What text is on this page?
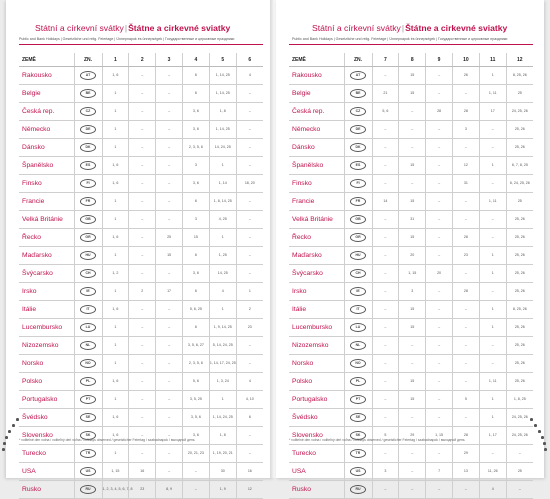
Státní a církevní svátky|Štátne a cirkevné sviatky
Public and Bank Holidays | Gesetzliche und relig. Feiertage | Ünnepnapok és ünnepségek | Государственные и церковные праздники
ZEMĚ	ZN.	1	2	3	4	5	6
Rakousko	AT	1, 6	–	–	6	1, 14, 25	4
Belgie	BE	1	–	–	6	1, 14, 25	–
Česká rep.	CZ	1	–	–	3, 6	1, 8	–
Německo	DE	1	–	–	3, 6	1, 14, 25	–
Dánsko	DK	1	–	–	2, 3, 5, 6	14, 24, 25	–
Španělsko	ES	1, 6	–	–	3	1	–
Finsko	FI	1, 6	–	–	3, 6	1, 14	18, 20
Francie	FR	1	–	–	6	1, 8, 14, 25	–
Velká Británie	GB	1	–	–	3	4, 25	–
Řecko	GR	1, 6	–	25	15	1	–
Maďarsko	HU	1	–	15	6	1, 25	–
Švýcarsko	CH	1, 2	–	–	3, 6	14, 25	–
Irsko	IE	1	2	17	6	4	1
Itálie	IT	1, 6	–	–	5, 6, 25	1	2
Lucembursko	LU	1	–	–	6	1, 9, 14, 25	23
Nizozemsko	NL	1	–	–	3, 5, 6, 27	5, 14, 24, 25	–
Norsko	NO	1	–	–	2, 3, 5, 6	1, 14, 17, 24, 25	–
Polsko	PL	1, 6	–	–	5, 6	1, 3, 24	4
Portugalsko	PT	1	–	–	3, 5, 25	1	4, 10
Švédsko	SE	1, 6	–	–	3, 5, 6	1, 14, 24, 25	6
Slovensko	SK	1, 6	–	–	3, 6	1, 8	–
Turecko	TR	1	–	–	20, 21, 23	1, 19, 20, 21	–
USA	US	1, 15	16	–	–	30	16
Rusko	RU	1, 2, 3, 4, 5, 6, 7, 8	23	8, 9	–	1, 9	12
* volitelné den volna / voliteľný deň voľna / holidays observed / gesetzlicher Feiertag / szabadnapok / выходной день
Státní a církevní svátky|Štátne a cirkevné sviatky
Public and Bank Holidays | Gesetzliche und relig. Feiertage | Ünnepnapok és ünnepségek | Государственные и церковные праздники
ZEMĚ	ZN.	7	8	9	10	11	12
Rakousko	AT	–	15	–	26	1	8, 25, 26
Belgie	BE	21	15	–	–	1, 11	25
Česká rep.	CZ	5, 6	–	28	28	17	24, 25, 26
Německo	DE	–	–	–	3	–	25, 26
Dánsko	DK	–	–	–	–	–	25, 26
Španělsko	ES	–	15	–	12	1	6, 7, 8, 25
Finsko	FI	–	–	–	31	–	6, 24, 25, 26
Francie	FR	14	15	–	–	1, 11	25
Velká Británie	GB	–	31	–	–	–	25, 26
Řecko	GR	–	15	–	28	–	25, 26
Maďarsko	HU	–	20	–	23	1	25, 26
Švýcarsko	CH	–	1, 15	20	–	1	25, 26
Irsko	IE	–	3	–	28	–	25, 26
Itálie	IT	–	15	–	–	1	8, 25, 26
Lucembursko	LU	–	15	–	–	1	25, 26
Nizozemsko	NL	–	–	–	–	–	25, 26
Norsko	NO	–	–	–	–	–	25, 26
Polsko	PL	–	15	–	–	1, 11	25, 26
Portugalsko	PT	–	15	–	5	1	1, 8, 25
Švédsko	SE	–	–	–	–	1	24, 25, 26
Slovensko	SK	5	29	1, 15	28	1, 17	24, 25, 26
Turecko	TR	–	–	–	29	–	–
USA	US	3	–	7	13	11, 26	25
Rusko	RU	–	–	–	–	4	–
* volitelné den volna / voliteľný deň voľna / holidays observed / gesetzlicher Feiertag / szabadnapok / выходной день
